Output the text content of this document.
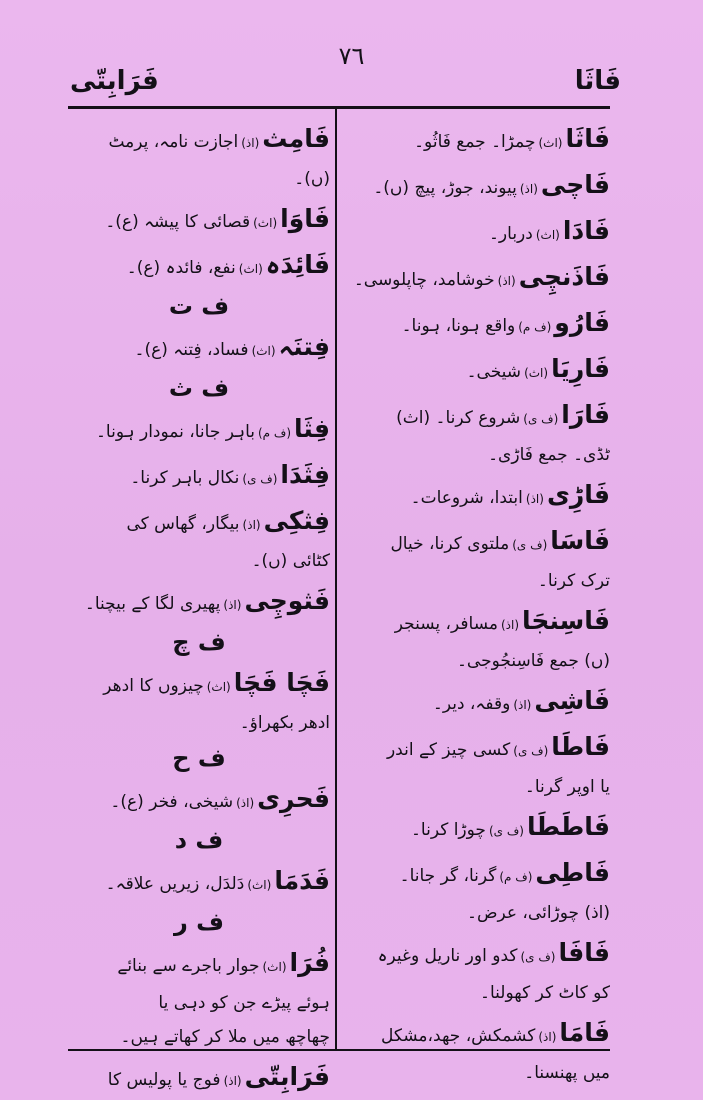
٧٦
فَرَابِتّی	فَاثَا
فَاثَا(اث)چمڑا۔ جمع فَاثُو۔
فَاچی(اذ)پیوند، جوڑ، پیچ (ں)۔
فَادَا(اث)دربار۔
فَاذَنچِی(اذ)خوشامد، چاپلوسی۔
فَارُو(ف م)واقع ہونا، ہونا۔
فَارِیَا(اث)شیخی۔
فَارَا(ف ی)شروع کرنا۔ (اث)
ٹڈی۔ جمع فَاڑی۔
فَاڑِی(اذ)ابتدا، شروعات۔
فَاسَا(ف ی)ملتوی کرنا، خیال
ترک کرنا۔
فَاسِنجَا(اذ)مسافر، پسنجر
(ں) جمع فَاسِنجُوجی۔
فَاشِی(اذ)وقفہ، دیر۔
فَاطَا(ف ی)کسی چیز کے اندر
یا اوپر گرنا۔
فَاطَطَا(ف ی)چوڑا کرنا۔
فَاطِی(ف م)گرنا، گر جانا۔
(اذ) چوڑائی، عرض۔
فَافَا(ف ی)کدو اور ناریل وغیرہ
کو کاٹ کر کھولنا۔
فَامَا(اذ)کشمکش، جھد،مشکل
میں پھنسنا۔
فَامِث(اذ)اجازت نامہ، پرمٹ
(ں)۔
فَاوَا(اث)قصائی کا پیشہ (ع)۔
فَائِدَہ(اث)نفع، فائدہ (ع)۔
ف ت
فِتنَہ(اث)فساد، فِتنہ (ع)۔
ف ث
فِثَا(ف م)باہر جانا، نمودار ہونا۔
فِثَدَا(ف ی)نکال باہر کرنا۔
فِثکِی(اذ)بیگار، گھاس کی
کٹائی (ں)۔
فَثوچِی(اذ)پھیری لگا کے بیچنا۔
ف چ
فَچَا فَچَا(اث)چیزوں کا ادھر
ادھر بکھراؤ۔
ف ح
فَحرِی(اذ)شیخی، فخر (ع)۔
ف د
فَدَمَا(اث)دَلدَل، زیریں علاقہ۔
ف ر
فُرَا(اث)جوار باجرے سے بنائے
ہوئے پیڑے جن کو دہی یا
چھاچھ میں ملا کر کھاتے ہیں۔
فَرَابِتّی(اذ)فوج یا پولیس کا
